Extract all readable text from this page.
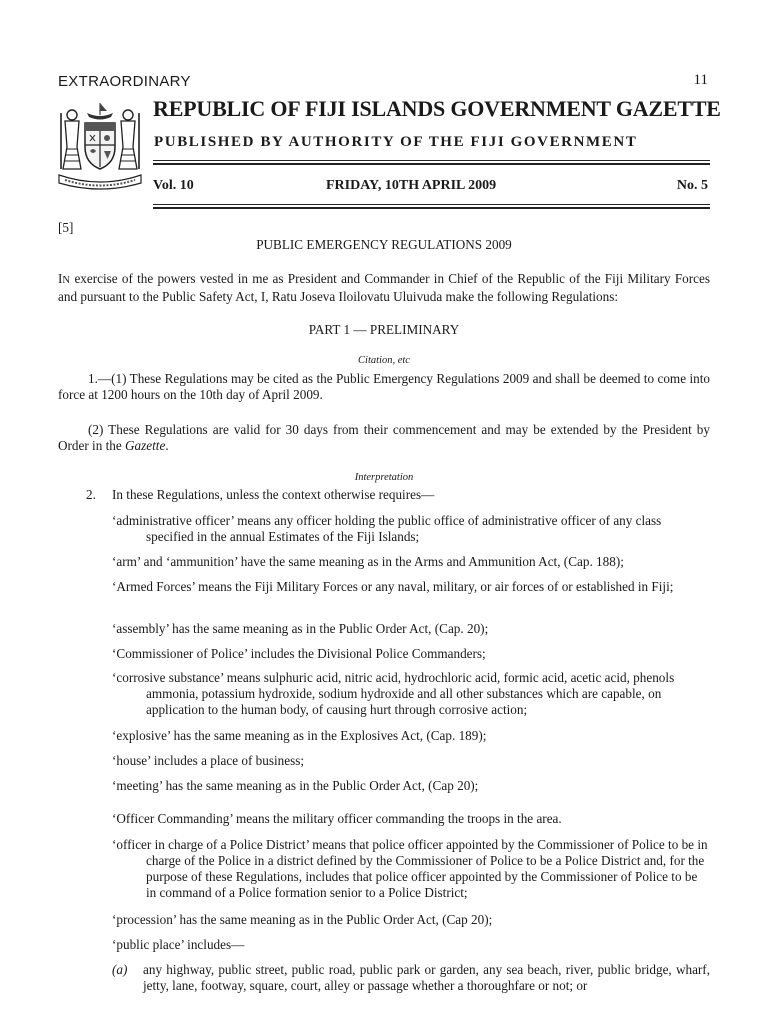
EXTRAORDINARY	11
REPUBLIC OF FIJI ISLANDS GOVERNMENT GAZETTE
PUBLISHED BY AUTHORITY OF THE FIJI GOVERNMENT
Vol. 10	FRIDAY, 10TH APRIL 2009	No. 5
[5]
PUBLIC EMERGENCY REGULATIONS 2009
IN exercise of the powers vested in me as President and Commander in Chief of the Republic of the Fiji Military Forces and pursuant to the Public Safety Act, I, Ratu Joseva Iloilovatu Uluivuda make the following Regulations:
PART 1 — PRELIMINARY
Citation, etc
1.—(1) These Regulations may be cited as the Public Emergency Regulations 2009 and shall be deemed to come into force at 1200 hours on the 10th day of April 2009.
(2) These Regulations are valid for 30 days from their commencement and may be extended by the President by Order in the Gazette.
Interpretation
2. In these Regulations, unless the context otherwise requires—
‘administrative officer’ means any officer holding the public office of administrative officer of any class specified in the annual Estimates of the Fiji Islands;
‘arm’ and ‘ammunition’ have the same meaning as in the Arms and Ammunition Act, (Cap. 188);
‘Armed Forces’ means the Fiji Military Forces or any naval, military, or air forces of or established in Fiji;
‘assembly’ has the same meaning as in the Public Order Act, (Cap. 20);
‘Commissioner of Police’ includes the Divisional Police Commanders;
‘corrosive substance’ means sulphuric acid, nitric acid, hydrochloric acid, formic acid, acetic acid, phenols ammonia, potassium hydroxide, sodium hydroxide and all other substances which are capable, on application to the human body, of causing hurt through corrosive action;
‘explosive’ has the same meaning as in the Explosives Act, (Cap. 189);
‘house’ includes a place of business;
‘meeting’ has the same meaning as in the Public Order Act, (Cap 20);
‘Officer Commanding’ means the military officer commanding the troops in the area.
‘officer in charge of a Police District’ means that police officer appointed by the Commissioner of Police to be in charge of the Police in a district defined by the Commissioner of Police to be a Police District and, for the purpose of these Regulations, includes that police officer appointed by the Commissioner of Police to be in command of a Police formation senior to a Police District;
‘procession’ has the same meaning as in the Public Order Act, (Cap 20);
‘public place’ includes—
(a) any highway, public street, public road, public park or garden, any sea beach, river, public bridge, wharf, jetty, lane, footway, square, court, alley or passage whether a thoroughfare or not; or
